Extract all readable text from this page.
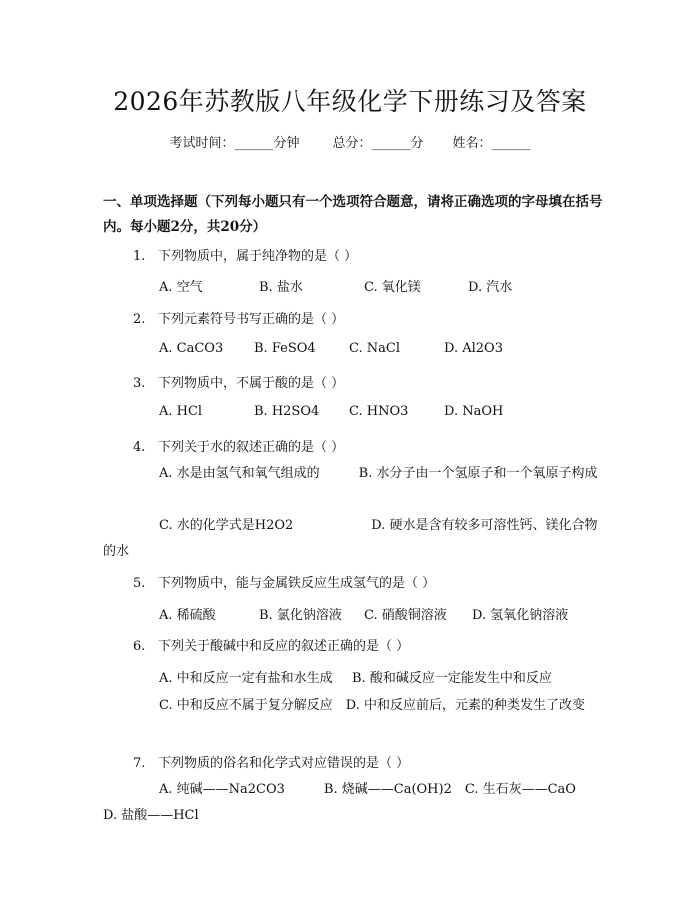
2026年苏教版八年级化学下册练习及答案
考试时间：______分钟	总分：______分 姓名：______
一、单项选择题（下列每小题只有一个选项符合题意，请将正确选项的字母填在括号内。每小题2分，共20分）
1. 下列物质中，属于纯净物的是（ ）
A. 空气	B. 盐水	C. 氧化镁	D. 汽水
2. 下列元素符号书写正确的是（ ）
A. CaCO3 B. FeSO4	C. NaCl	D. Al2O3
3. 下列物质中，不属于酸的是（ ）
A. HCl	B. H2SO4 C. HNO3	D. NaOH
4. 下列关于水的叙述正确的是（ ）
A. 水是由氢气和氧气组成的　　　B. 水分子由一个氢原子和一个氧原子构成
C. 水的化学式是H2O2　　　　　　D. 硬水是含有较多可溶性钙、镁化合物的水
5. 下列物质中，能与金属铁反应生成氢气的是（ ）
A. 稀硫酸	B. 氯化钠溶液 C. 硝酸铜溶液 D. 氢氧化钠溶液
6. 下列关于酸碱中和反应的叙述正确的是（ ）
A. 中和反应一定有盐和水生成 B. 酸和碱反应一定能发生中和反应
C. 中和反应不属于复分解反应　D. 中和反应前后，元素的种类发生了改变
7. 下列物质的俗名和化学式对应错误的是（ ）
A. 纯碱——Na2CO3　　　B. 烧碱——Ca(OH)2　C. 生石灰——CaO　D. 盐酸——HCl
